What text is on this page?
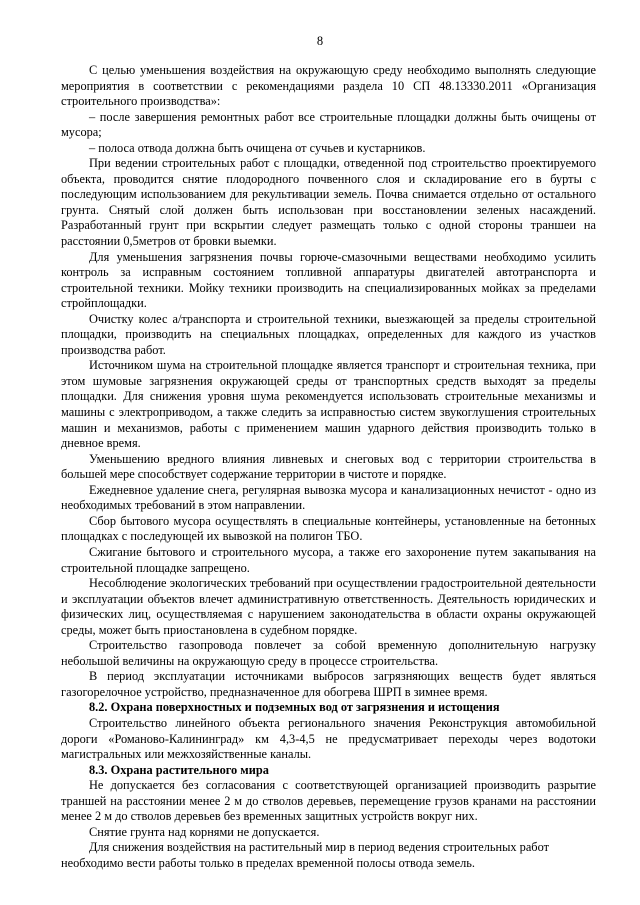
8

С целью уменьшения воздействия на окружающую среду необходимо выполнять следующие мероприятия в соответствии с рекомендациями раздела 10 СП 48.13330.2011 «Организация строительного производства»:

– после завершения ремонтных работ все строительные площадки должны быть очищены от мусора;

– полоса отвода должна быть очищена от сучьев и кустарников.

При ведении строительных работ с площадки, отведенной под строительство проектируемого объекта, проводится снятие плодородного почвенного слоя и складирование его в бурты с последующим использованием для рекультивации земель. Почва снимается отдельно от остального грунта. Снятый слой должен быть использован при восстановлении зеленых насаждений. Разработанный грунт при вскрытии следует размещать только с одной стороны траншеи на расстоянии 0,5метров от бровки выемки.

Для уменьшения загрязнения почвы горюче-смазочными веществами необходимо усилить контроль за исправным состоянием топливной аппаратуры двигателей автотранспорта и строительной техники. Мойку техники производить на специализированных мойках за пределами стройплощадки.

Очистку колес а/транспорта и строительной техники, выезжающей за пределы строительной площадки, производить на специальных площадках, определенных для каждого из участков производства работ.

Источником шума на строительной площадке является транспорт и строительная техника, при этом шумовые загрязнения окружающей среды от транспортных средств выходят за пределы площадки. Для снижения уровня шума рекомендуется использовать строительные механизмы и машины с электроприводом, а также следить за исправностью систем звукоглушения строительных машин и механизмов, работы с применением машин ударного действия производить только в дневное время.

Уменьшению вредного влияния ливневых и снеговых вод с территории строительства в большей мере способствует содержание территории в чистоте и порядке.

Ежедневное удаление снега, регулярная вывозка мусора и канализационных нечистот - одно из необходимых требований в этом направлении.

Сбор бытового мусора осуществлять в специальные контейнеры, установленные на бетонных площадках с последующей их вывозкой на полигон ТБО.

Сжигание бытового и строительного мусора, а также его захоронение путем закапывания на строительной площадке запрещено.

Несоблюдение экологических требований при осуществлении градостроительной деятельности и эксплуатации объектов влечет административную ответственность. Деятельность юридических и физических лиц, осуществляемая с нарушением законодательства в области охраны окружающей среды, может быть приостановлена в судебном порядке.

Строительство газопровода повлечет за собой временную дополнительную нагрузку небольшой величины на окружающую среду в процессе строительства.

В период эксплуатации источниками выбросов загрязняющих веществ будет являться газогорелочное устройство, предназначенное для обогрева ШРП в зимнее время.

8.2. Охрана поверхностных и подземных вод от загрязнения и истощения

Строительство линейного объекта регионального значения Реконструкция автомобильной дороги «Романово-Калининград» км 4,3-4,5 не предусматривает переходы через водотоки магистральных или межхозяйственные каналы.

8.3. Охрана растительного мира

Не допускается без согласования с соответствующей организацией производить разрытие траншей на расстоянии менее 2 м до стволов деревьев, перемещение грузов кранами на расстоянии менее 2 м до стволов деревьев без временных защитных устройств вокруг них.

Снятие грунта над корнями не допускается.

Для снижения воздействия на растительный мир в период ведения строительных работ необходимо вести работы только в пределах временной полосы отвода земель.
